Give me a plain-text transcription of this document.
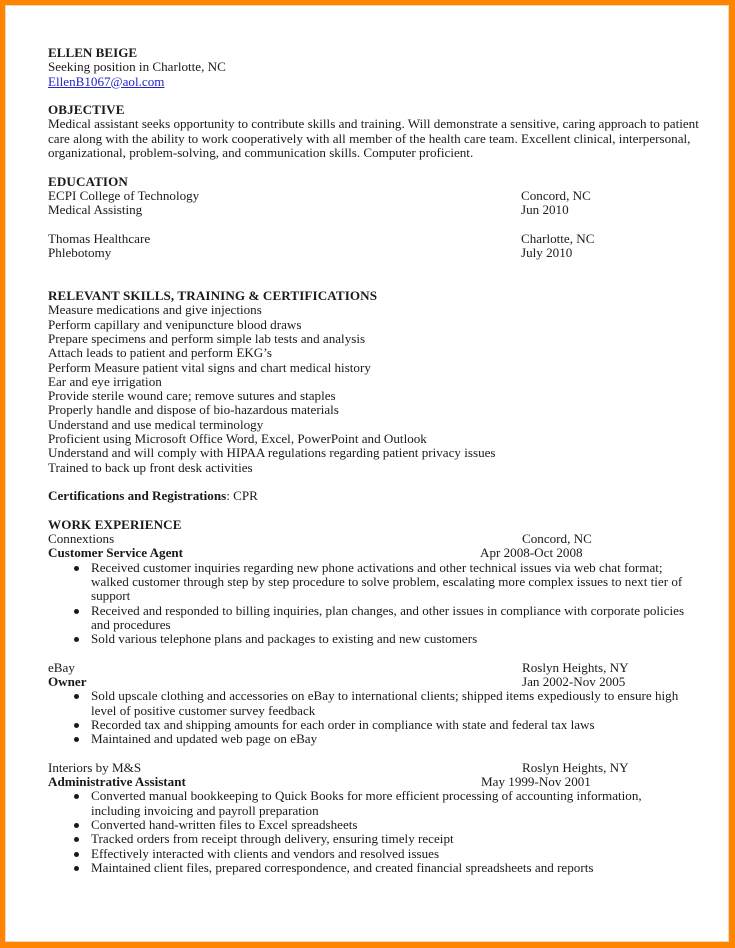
ELLEN BEIGE
Seeking position in Charlotte, NC
EllenB1067@aol.com
OBJECTIVE
Medical assistant seeks opportunity to contribute skills and training. Will demonstrate a sensitive, caring approach to patient
care along with the ability to work cooperatively with all member of the health care team. Excellent clinical, interpersonal,
organizational, problem-solving, and communication skills. Computer proficient.
EDUCATION
ECPI College of Technology	Concord, NC
Medical Assisting	Jun 2010
Thomas Healthcare	Charlotte, NC
Phlebotomy	July 2010
RELEVANT SKILLS, TRAINING & CERTIFICATIONS
Measure medications and give injections
Perform capillary and venipuncture blood draws
Prepare specimens and perform simple lab tests and analysis
Attach leads to patient and perform EKG’s
Perform Measure patient vital signs and chart medical history
Ear and eye irrigation
Provide sterile wound care; remove sutures and staples
Properly handle and dispose of bio-hazardous materials
Understand and use medical terminology
Proficient using Microsoft Office Word, Excel, PowerPoint and Outlook
Understand and will comply with HIPAA regulations regarding patient privacy issues
Trained to back up front desk activities
Certifications and Registrations: CPR
WORK EXPERIENCE
Connextions	Concord, NC
Customer Service Agent	Apr 2008-Oct 2008
Received customer inquiries regarding new phone activations and other technical issues via web chat format; walked customer through step by step procedure to solve problem, escalating more complex issues to next tier of support
Received and responded to billing inquiries, plan changes, and other issues in compliance with corporate policies and procedures
Sold various telephone plans and packages to existing and new customers
eBay	Roslyn Heights, NY
Owner	Jan 2002-Nov 2005
Sold upscale clothing and accessories on eBay to international clients; shipped items expediously to ensure high level of positive customer survey feedback
Recorded tax and shipping amounts for each order in compliance with state and federal tax laws
Maintained and updated web page on eBay
Interiors by M&S	Roslyn Heights, NY
Administrative Assistant	May 1999-Nov 2001
Converted manual bookkeeping to Quick Books for more efficient processing of accounting information, including invoicing and payroll preparation
Converted hand-written files to Excel spreadsheets
Tracked orders from receipt through delivery, ensuring timely receipt
Effectively interacted with clients and vendors and resolved issues
Maintained client files, prepared correspondence, and created financial spreadsheets and reports
